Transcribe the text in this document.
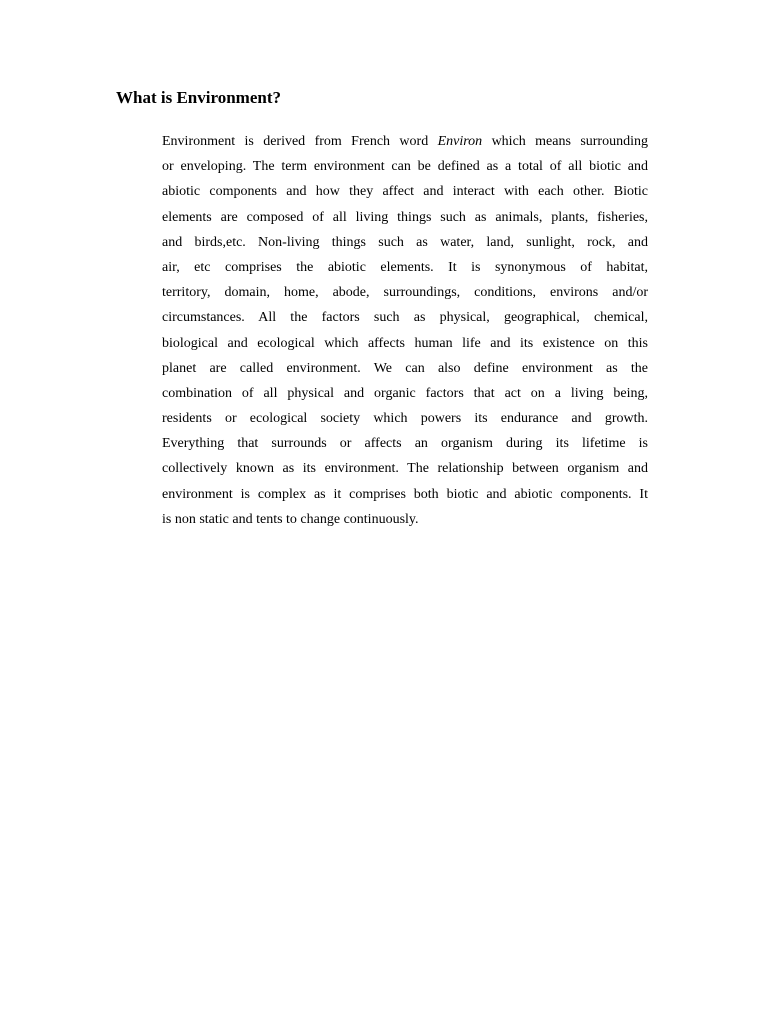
What is Environment?
Environment is derived from French word Environ which means surrounding
or enveloping. The term environment can be defined as a total of all biotic and
abiotic components and how they affect and interact with each other. Biotic
elements are composed of all living things such as animals, plants, fisheries,
and birds,etc. Non-living things such as water, land, sunlight, rock, and
air, etc comprises the abiotic elements. It is synonymous of habitat,
territory, domain, home, abode, surroundings, conditions, environs and/or
circumstances. All the factors such as physical, geographical, chemical,
biological and ecological which affects human life and its existence on this
planet are called environment. We can also define environment as the
combination of all physical and organic factors that act on a living being,
residents or ecological society which powers its endurance and growth.
Everything that surrounds or affects an organism during its lifetime is
collectively known as its environment. The relationship between organism and
environment is complex as it comprises both biotic and abiotic components. It
is non static and tents to change continuously.
